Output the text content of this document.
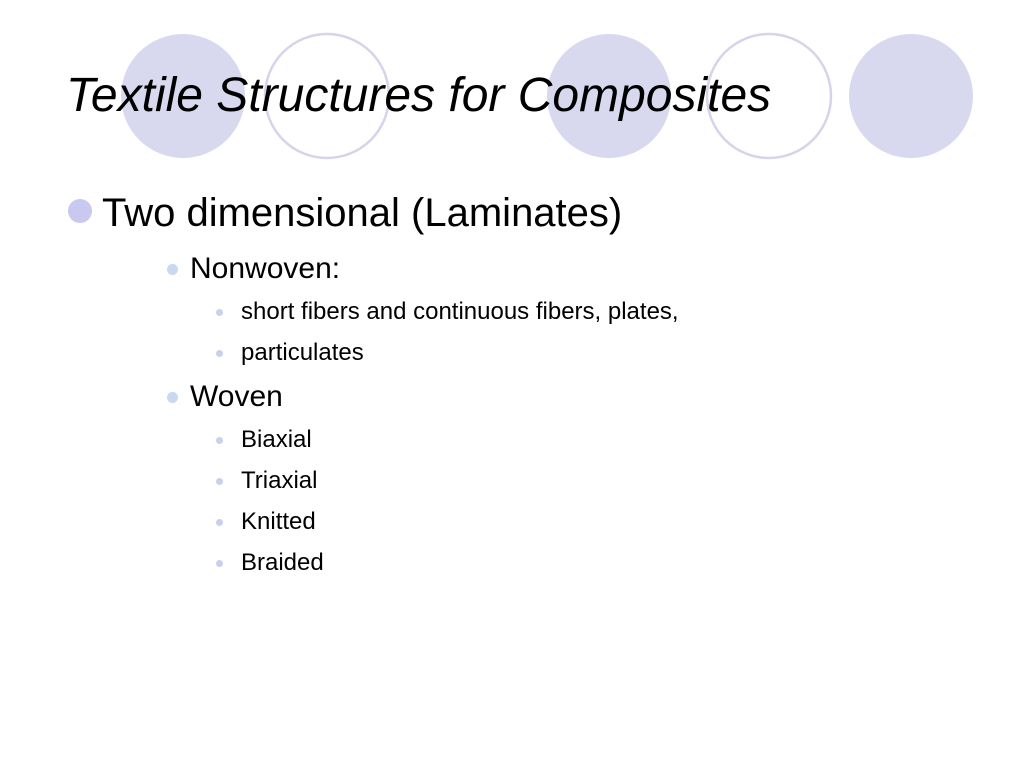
Textile Structures for Composites
Two dimensional (Laminates)
Nonwoven:
short fibers and continuous fibers, plates,
particulates
Woven
Biaxial
Triaxial
Knitted
Braided
